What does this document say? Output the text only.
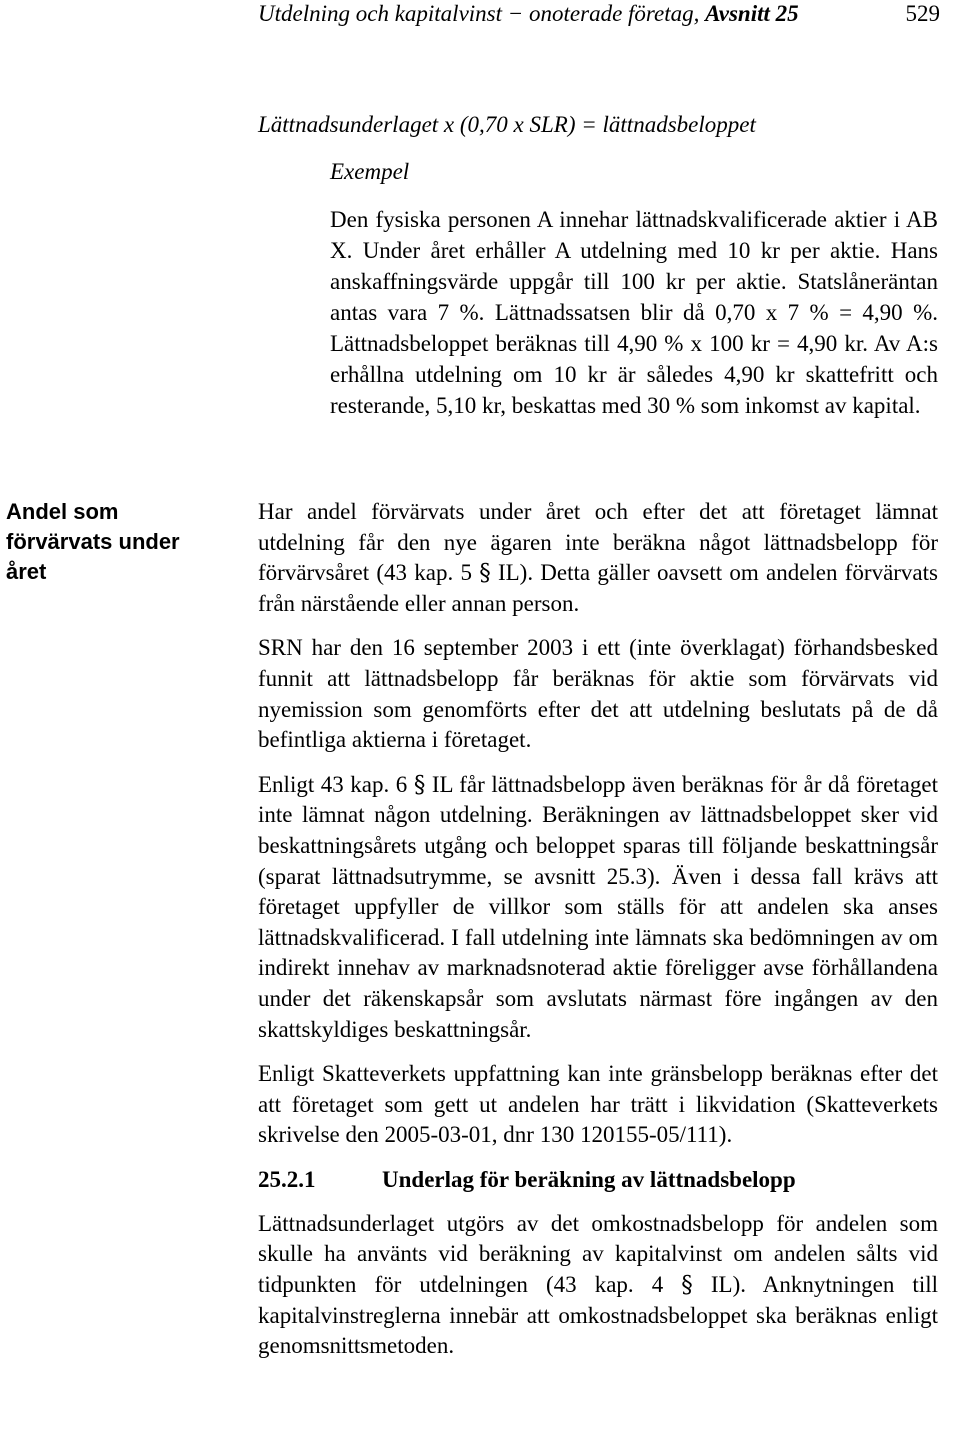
Utdelning och kapitalvinst − onoterade företag, Avsnitt 25	529
Lättnadsunderlaget x (0,70 x SLR) = lättnadsbeloppet
Exempel

Den fysiska personen A innehar lättnadskvalificerade aktier i AB X. Under året erhåller A utdelning med 10 kr per aktie. Hans anskaffningsvärde uppgår till 100 kr per aktie. Statslåneräntan antas vara 7 %. Lättnadssatsen blir då 0,70 x 7 % = 4,90 %. Lättnadsbeloppet beräknas till 4,90 % x 100 kr = 4,90 kr. Av A:s erhållna utdelning om 10 kr är således 4,90 kr skattefritt och resterande, 5,10 kr, beskattas med 30 % som inkomst av kapital.

Andel som förvärvats under året

Har andel förvärvats under året och efter det att företaget lämnat utdelning får den nye ägaren inte beräkna något lättnadsbelopp för förvärvsåret (43 kap. 5 § IL). Detta gäller oavsett om andelen förvärvats från närstående eller annan person.

SRN har den 16 september 2003 i ett (inte överklagat) förhandsbesked funnit att lättnadsbelopp får beräknas för aktie som förvärvats vid nyemission som genomförts efter det att utdelning beslutats på de då befintliga aktierna i företaget.

Enligt 43 kap. 6 § IL får lättnadsbelopp även beräknas för år då företaget inte lämnat någon utdelning. Beräkningen av lättnadsbeloppet sker vid beskattningsårets utgång och beloppet sparas till följande beskattningsår (sparat lättnadsutrymme, se avsnitt 25.3). Även i dessa fall krävs att företaget uppfyller de villkor som ställs för att andelen ska anses lättnadskvalificerad. I fall utdelning inte lämnats ska bedömningen av om indirekt innehav av marknadsnoterad aktie föreligger avse förhållandena under det räkenskapsår som avslutats närmast före ingången av den skattskyldiges beskattningsår.

Enligt Skatteverkets uppfattning kan inte gränsbelopp beräknas efter det att företaget som gett ut andelen har trätt i likvidation (Skatteverkets skrivelse den 2005-03-01, dnr 130 120155-05/111).

25.2.1	Underlag för beräkning av lättnadsbelopp

Lättnadsunderlaget utgörs av det omkostnadsbelopp för andelen som skulle ha använts vid beräkning av kapitalvinst om andelen sålts vid tidpunkten för utdelningen (43 kap. 4 § IL). Anknytningen till kapitalvinstreglerna innebär att omkostnadsbeloppet ska beräknas enligt genomsnittsmetoden.
